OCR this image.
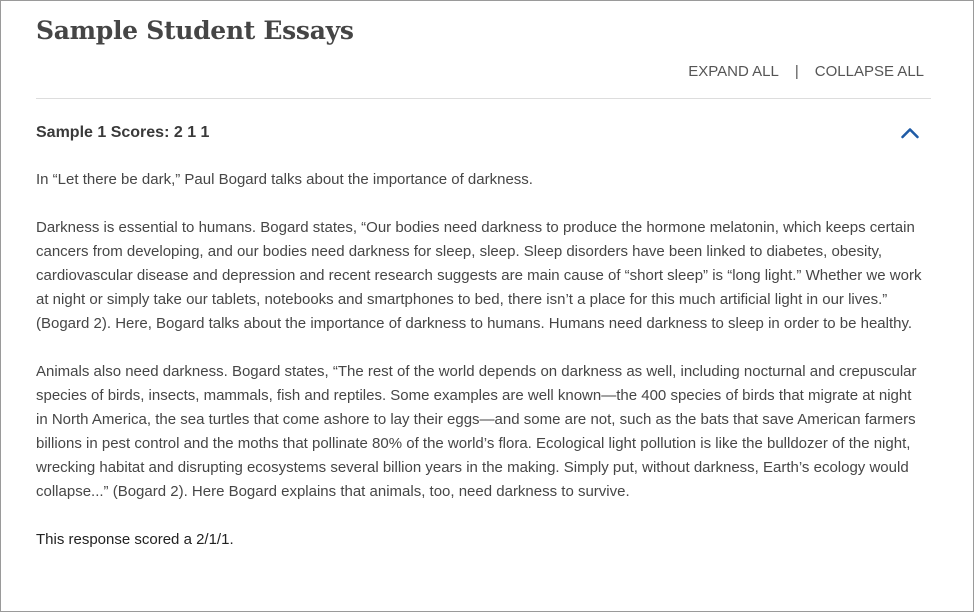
Sample Student Essays
EXPAND ALL | COLLAPSE ALL
Sample 1 Scores: 2 1 1

In “Let there be dark,” Paul Bogard talks about the importance of darkness.

Darkness is essential to humans. Bogard states, “Our bodies need darkness to produce the hormone melatonin, which keeps certain cancers from developing, and our bodies need darkness for sleep, sleep. Sleep disorders have been linked to diabetes, obesity, cardiovascular disease and depression and recent research suggests are main cause of “short sleep” is “long light.” Whether we work at night or simply take our tablets, notebooks and smartphones to bed, there isn’t a place for this much artificial light in our lives.” (Bogard 2). Here, Bogard talks about the importance of darkness to humans. Humans need darkness to sleep in order to be healthy.

Animals also need darkness. Bogard states, “The rest of the world depends on darkness as well, including nocturnal and crepuscular species of birds, insects, mammals, fish and reptiles. Some examples are well known—the 400 species of birds that migrate at night in North America, the sea turtles that come ashore to lay their eggs—and some are not, such as the bats that save American farmers billions in pest control and the moths that pollinate 80% of the world’s flora. Ecological light pollution is like the bulldozer of the night, wrecking habitat and disrupting ecosystems several billion years in the making. Simply put, without darkness, Earth’s ecology would collapse...” (Bogard 2). Here Bogard explains that animals, too, need darkness to survive.

This response scored a 2/1/1.
